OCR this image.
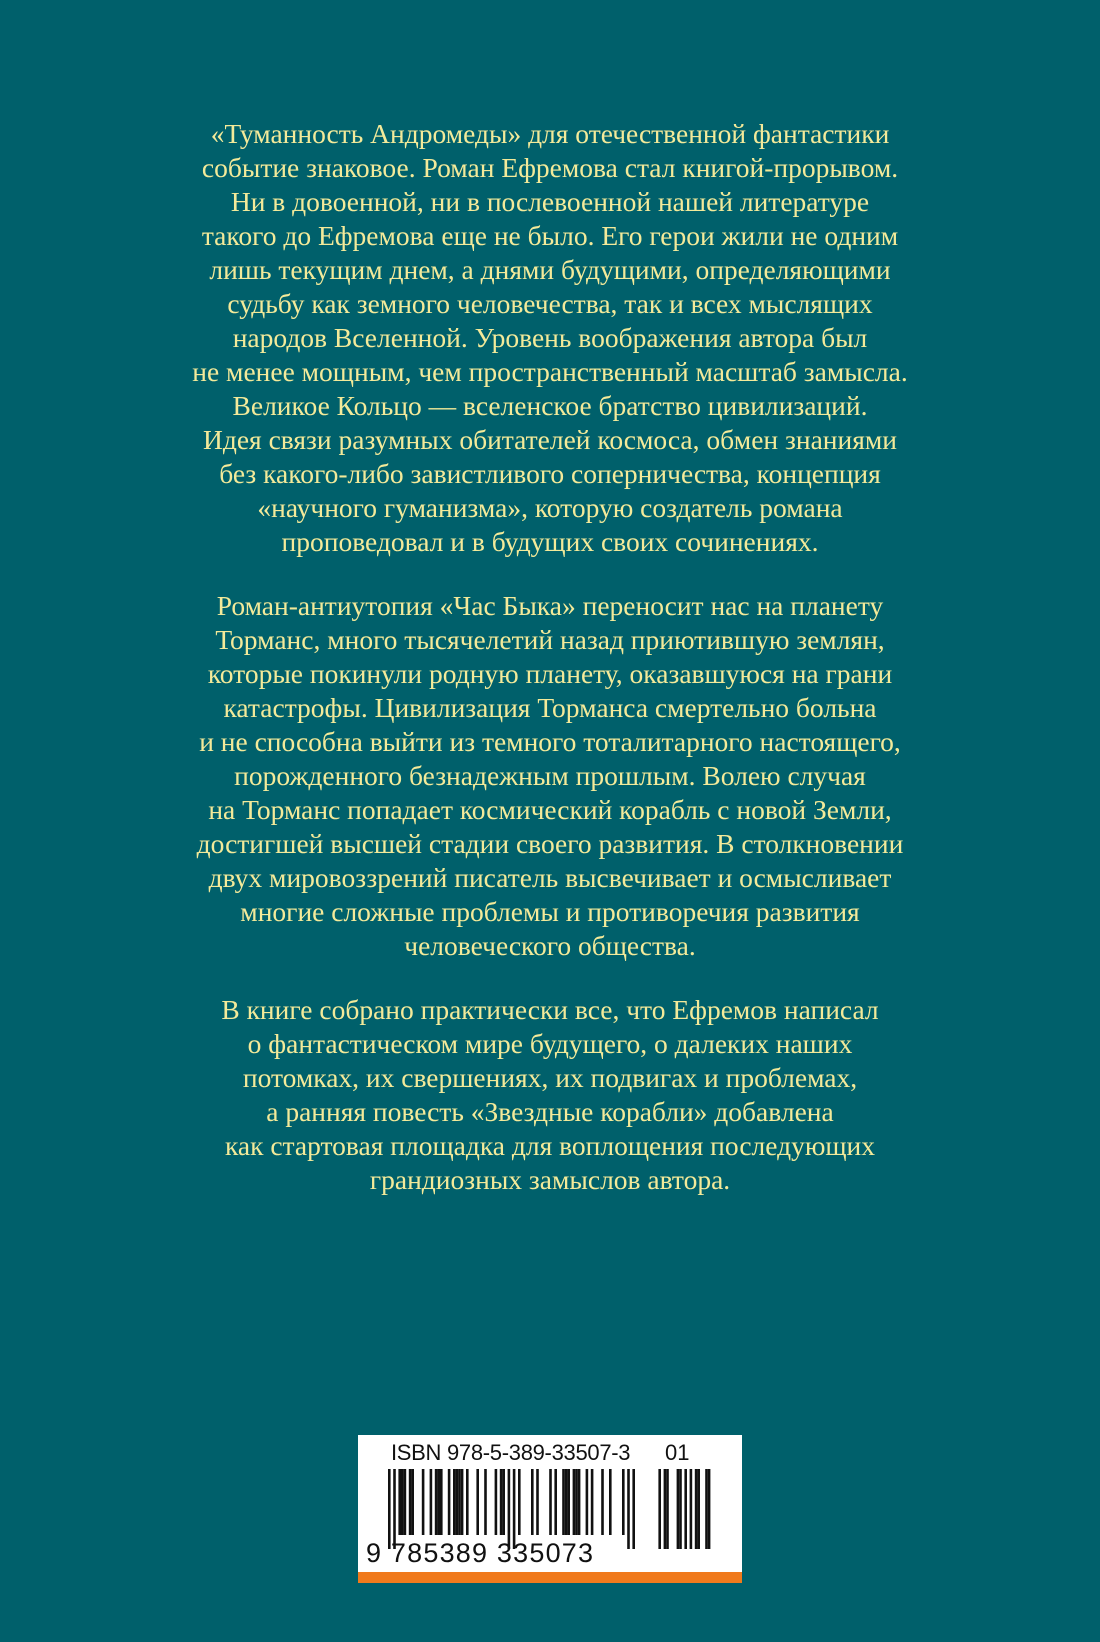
«Туманность Андромеды» для отечественной фантастики
событие знаковое. Роман Ефремова стал книгой-прорывом.
Ни в довоенной, ни в послевоенной нашей литературе
такого до Ефремова еще не было. Его герои жили не одним
лишь текущим днем, а днями будущими, определяющими
судьбу как земного человечества, так и всех мыслящих
народов Вселенной. Уровень воображения автора был
не менее мощным, чем пространственный масштаб замысла.
Великое Кольцо — вселенское братство цивилизаций.
Идея связи разумных обитателей космоса, обмен знаниями
без какого-либо завистливого соперничества, концепция
«научного гуманизма», которую создатель романа
проповедовал и в будущих своих сочинениях.

Роман-антиутопия «Час Быка» переносит нас на планету
Торманс, много тысячелетий назад приютившую землян,
которые покинули родную планету, оказавшуюся на грани
катастрофы. Цивилизация Торманса смертельно больна
и не способна выйти из темного тоталитарного настоящего,
порожденного безнадежным прошлым. Волею случая
на Торманс попадает космический корабль с новой Земли,
достигшей высшей стадии своего развития. В столкновении
двух мировоззрений писатель высвечивает и осмысливает
многие сложные проблемы и противоречия развития
человеческого общества.

В книге собрано практически все, что Ефремов написал
о фантастическом мире будущего, о далеких наших
потомках, их свершениях, их подвигах и проблемах,
а ранняя повесть «Звездные корабли» добавлена
как стартовая площадка для воплощения последующих
грандиозных замыслов автора.

ISBN 978-5-389-33507-3 01
9 785389 335073
